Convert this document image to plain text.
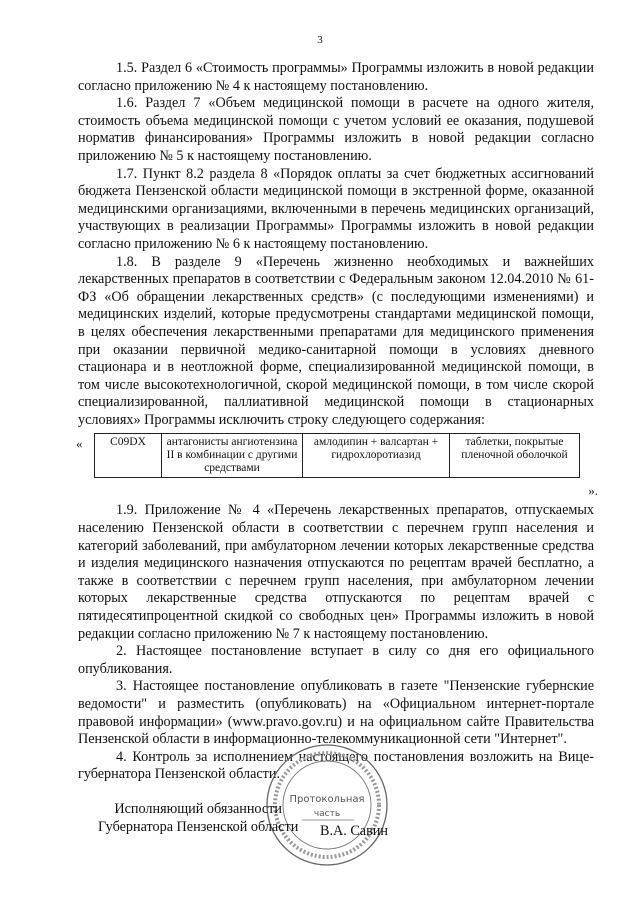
3

1.5. Раздел 6 «Стоимость программы» Программы изложить в новой редакции согласно приложению № 4 к настоящему постановлению.

1.6. Раздел 7 «Объем медицинской помощи в расчете на одного жителя, стоимость объема медицинской помощи с учетом условий ее оказания, подушевой норматив финансирования» Программы изложить в новой редакции согласно приложению № 5 к настоящему постановлению.

1.7. Пункт 8.2 раздела 8 «Порядок оплаты за счет бюджетных ассигнований бюджета Пензенской области медицинской помощи в экстренной форме, оказанной медицинскими организациями, включенными в перечень медицинских организаций, участвующих в реализации Программы» Программы изложить в новой редакции согласно приложению № 6 к настоящему постановлению.

1.8. В разделе 9 «Перечень жизненно необходимых и важнейших лекарственных препаратов в соответствии с Федеральным законом 12.04.2010 № 61-ФЗ «Об обращении лекарственных средств» (с последующими изменениями) и медицинских изделий, которые предусмотрены стандартами медицинской помощи, в целях обеспечения лекарственными препаратами для медицинского применения при оказании первичной медико-санитарной помощи в условиях дневного стационара и в неотложной форме, специализированной медицинской помощи, в том числе высокотехнологичной, скорой медицинской помощи, в том числе скорой специализированной, паллиативной медицинской помощи в стационарных условиях» Программы исключить строку следующего содержания:

« C09DX	антагонисты ангиотензина II в комбинации с другими средствами	амлодипин + валсартан + гидрохлоротиазид	таблетки, покрытые пленочной оболочкой
».

1.9. Приложение № 4 «Перечень лекарственных препаратов, отпускаемых населению Пензенской области в соответствии с перечнем групп населения и категорий заболеваний, при амбулаторном лечении которых лекарственные средства и изделия медицинского назначения отпускаются по рецептам врачей бесплатно, а также в соответствии с перечнем групп населения, при амбулаторном лечении которых лекарственные средства отпускаются по рецептам врачей с пятидесятипроцентной скидкой со свободных цен» Программы изложить в новой редакции согласно приложению № 7 к настоящему постановлению.

2. Настоящее постановление вступает в силу со дня его официального опубликования.

3. Настоящее постановление опубликовать в газете "Пензенские губернские ведомости" и разместить (опубликовать) на «Официальном интернет-портале правовой информации» (www.pravo.gov.ru) и на официальном сайте Правительства Пензенской области в информационно-телекоммуникационной сети "Интернет".

4. Контроль за исполнением настоящего постановления возложить на Вице-губернатора Пензенской области.

Протокольная
часть
Исполняющий обязанности
Губернатора Пензенской области В.А. Савин
